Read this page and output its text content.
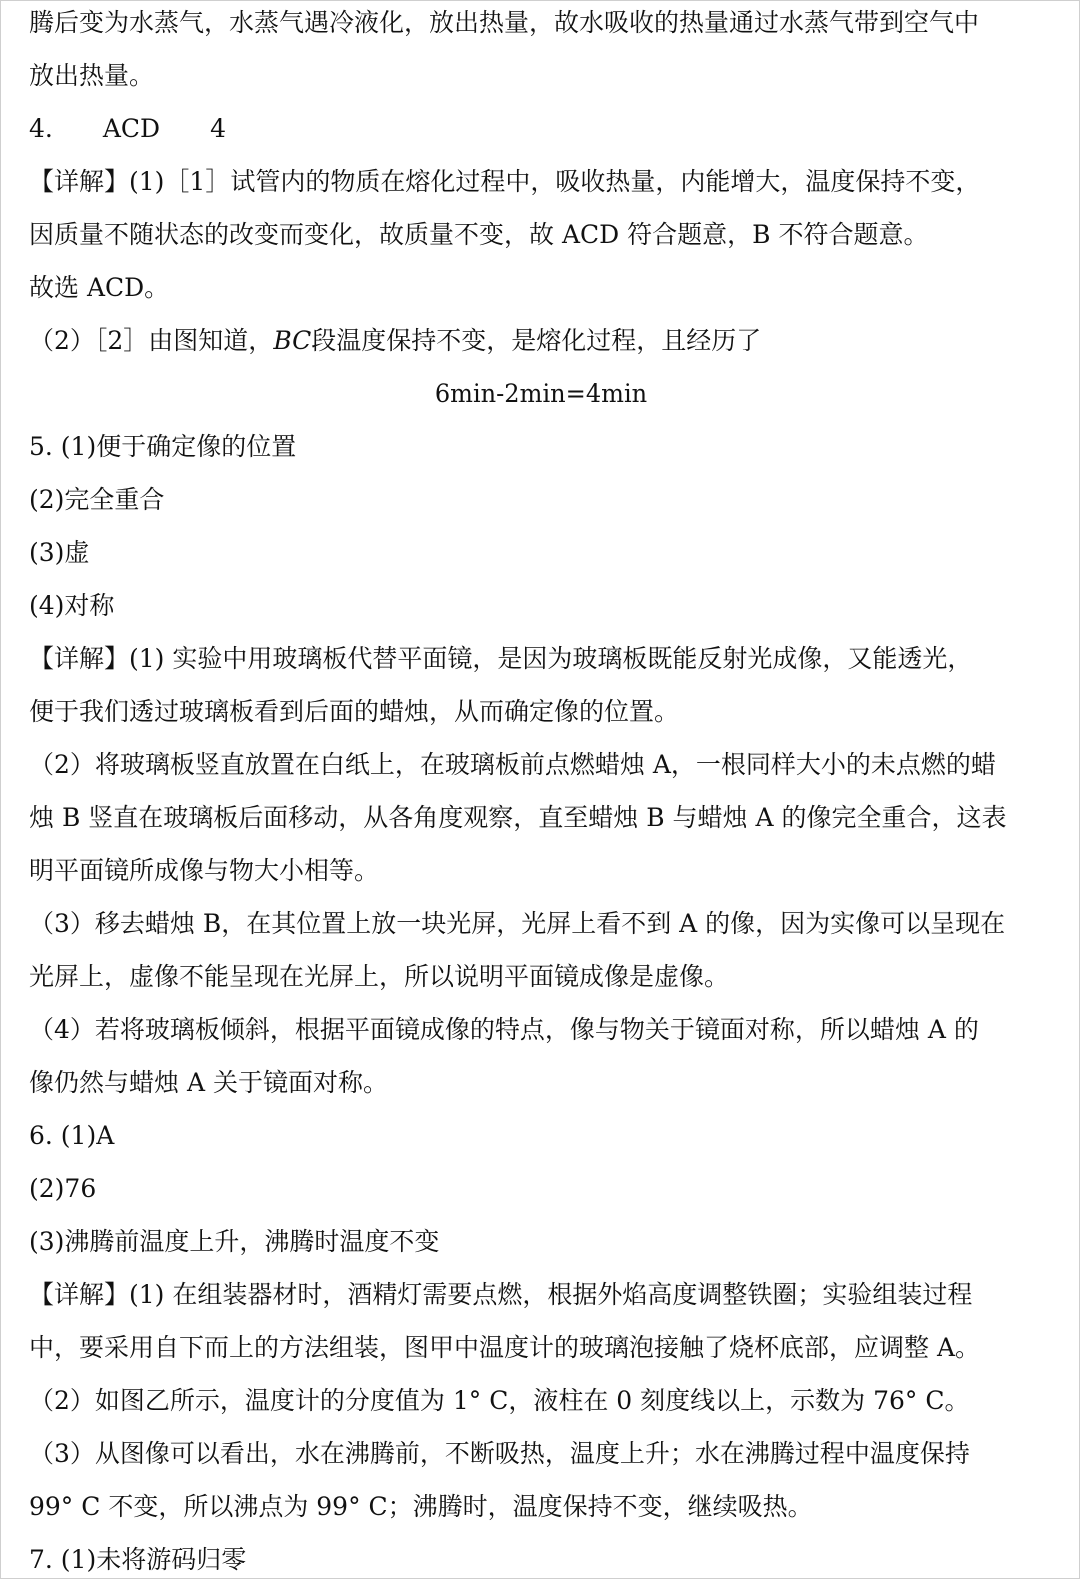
腾后变为水蒸气，水蒸气遇冷液化，放出热量，故水吸收的热量通过水蒸气带到空气中
放出热量。
4.　　ACD　　4
【详解】(1)［1］试管内的物质在熔化过程中，吸收热量，内能增大，温度保持不变，
因质量不随状态的改变而变化，故质量不变，故 ACD 符合题意，B 不符合题意。
故选 ACD。
（2）［2］由图知道，BC段温度保持不变，是熔化过程，且经历了
6min-2min=4min
5. (1)便于确定像的位置
(2)完全重合
(3)虚
(4)对称
【详解】(1) 实验中用玻璃板代替平面镜，是因为玻璃板既能反射光成像，又能透光，
便于我们透过玻璃板看到后面的蜡烛，从而确定像的位置。
（2）将玻璃板竖直放置在白纸上，在玻璃板前点燃蜡烛 A，一根同样大小的未点燃的蜡
烛 B 竖直在玻璃板后面移动，从各角度观察，直至蜡烛 B 与蜡烛 A 的像完全重合，这表
明平面镜所成像与物大小相等。
（3）移去蜡烛 B，在其位置上放一块光屏，光屏上看不到 A 的像，因为实像可以呈现在
光屏上，虚像不能呈现在光屏上，所以说明平面镜成像是虚像。
（4）若将玻璃板倾斜，根据平面镜成像的特点，像与物关于镜面对称，所以蜡烛 A 的
像仍然与蜡烛 A 关于镜面对称。
6. (1)A
(2)76
(3)沸腾前温度上升，沸腾时温度不变
【详解】(1) 在组装器材时，酒精灯需要点燃，根据外焰高度调整铁圈；实验组装过程
中，要采用自下而上的方法组装，图甲中温度计的玻璃泡接触了烧杯底部，应调整 A。
（2）如图乙所示，温度计的分度值为 1° C，液柱在 0 刻度线以上，示数为 76° C。
（3）从图像可以看出，水在沸腾前，不断吸热，温度上升；水在沸腾过程中温度保持
99° C 不变，所以沸点为 99° C；沸腾时，温度保持不变，继续吸热。
7. (1)未将游码归零
